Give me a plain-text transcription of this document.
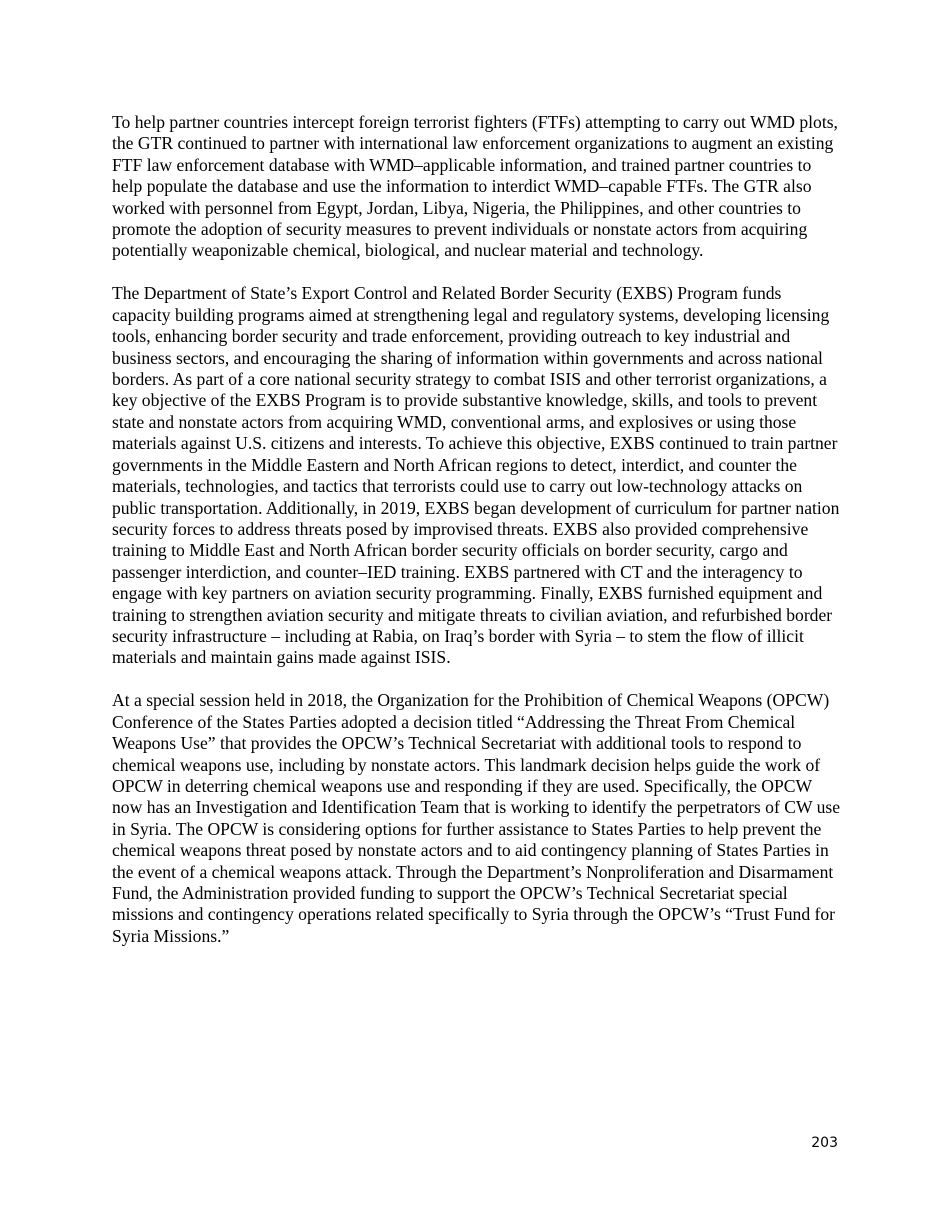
To help partner countries intercept foreign terrorist fighters (FTFs) attempting to carry out WMD plots, the GTR continued to partner with international law enforcement organizations to augment an existing FTF law enforcement database with WMD–applicable information, and trained partner countries to help populate the database and use the information to interdict WMD–capable FTFs. The GTR also worked with personnel from Egypt, Jordan, Libya, Nigeria, the Philippines, and other countries to promote the adoption of security measures to prevent individuals or nonstate actors from acquiring potentially weaponizable chemical, biological, and nuclear material and technology.

The Department of State’s Export Control and Related Border Security (EXBS) Program funds capacity building programs aimed at strengthening legal and regulatory systems, developing licensing tools, enhancing border security and trade enforcement, providing outreach to key industrial and business sectors, and encouraging the sharing of information within governments and across national borders. As part of a core national security strategy to combat ISIS and other terrorist organizations, a key objective of the EXBS Program is to provide substantive knowledge, skills, and tools to prevent state and nonstate actors from acquiring WMD, conventional arms, and explosives or using those materials against U.S. citizens and interests. To achieve this objective, EXBS continued to train partner governments in the Middle Eastern and North African regions to detect, interdict, and counter the materials, technologies, and tactics that terrorists could use to carry out low-technology attacks on public transportation. Additionally, in 2019, EXBS began development of curriculum for partner nation security forces to address threats posed by improvised threats. EXBS also provided comprehensive training to Middle East and North African border security officials on border security, cargo and passenger interdiction, and counter–IED training. EXBS partnered with CT and the interagency to engage with key partners on aviation security programming. Finally, EXBS furnished equipment and training to strengthen aviation security and mitigate threats to civilian aviation, and refurbished border security infrastructure – including at Rabia, on Iraq’s border with Syria – to stem the flow of illicit materials and maintain gains made against ISIS.

At a special session held in 2018, the Organization for the Prohibition of Chemical Weapons (OPCW) Conference of the States Parties adopted a decision titled “Addressing the Threat From Chemical Weapons Use” that provides the OPCW’s Technical Secretariat with additional tools to respond to chemical weapons use, including by nonstate actors. This landmark decision helps guide the work of OPCW in deterring chemical weapons use and responding if they are used. Specifically, the OPCW now has an Investigation and Identification Team that is working to identify the perpetrators of CW use in Syria. The OPCW is considering options for further assistance to States Parties to help prevent the chemical weapons threat posed by nonstate actors and to aid contingency planning of States Parties in the event of a chemical weapons attack. Through the Department’s Nonproliferation and Disarmament Fund, the Administration provided funding to support the OPCW’s Technical Secretariat special missions and contingency operations related specifically to Syria through the OPCW’s “Trust Fund for Syria Missions.”

203
